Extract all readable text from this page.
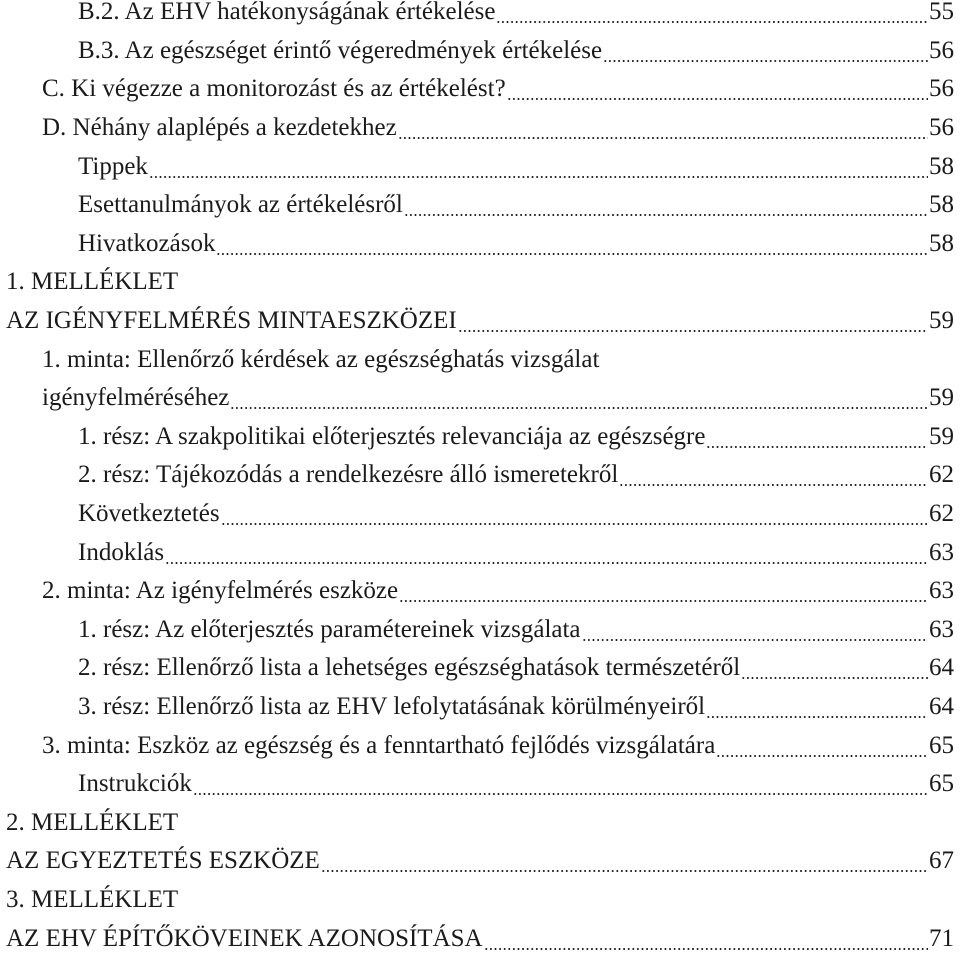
B.2. Az EHV hatékonyságának értékelése	55
B.3. Az egészséget érintő végeredmények értékelése	56
C. Ki végezze a monitorozást és az értékelést?	56
D. Néhány alaplépés a kezdetekhez	56
Tippek	58
Esettanulmányok az értékelésről	58
Hivatkozások	58
1. MELLÉKLET
AZ IGÉNYFELMÉRÉS MINTAESZKÖZEI	59
1. minta: Ellenőrző kérdések az egészséghatás vizsgálat
igényfelméréséhez	59
1. rész: A szakpolitikai előterjesztés relevanciája az egészségre	59
2. rész: Tájékozódás a rendelkezésre álló ismeretekről	62
Következtetés	62
Indoklás	63
2. minta: Az igényfelmérés eszköze	63
1. rész: Az előterjesztés paramétereinek vizsgálata	63
2. rész: Ellenőrző lista a lehetséges egészséghatások természetéről	64
3. rész: Ellenőrző lista az EHV lefolytatásának körülményeiről	64
3. minta: Eszköz az egészség és a fenntartható fejlődés vizsgálatára	65
Instrukciók	65
2. MELLÉKLET
AZ EGYEZTETÉS ESZKÖZE	67
3. MELLÉKLET
AZ EHV ÉPÍTŐKÖVEINEK AZONOSÍTÁSA	71
